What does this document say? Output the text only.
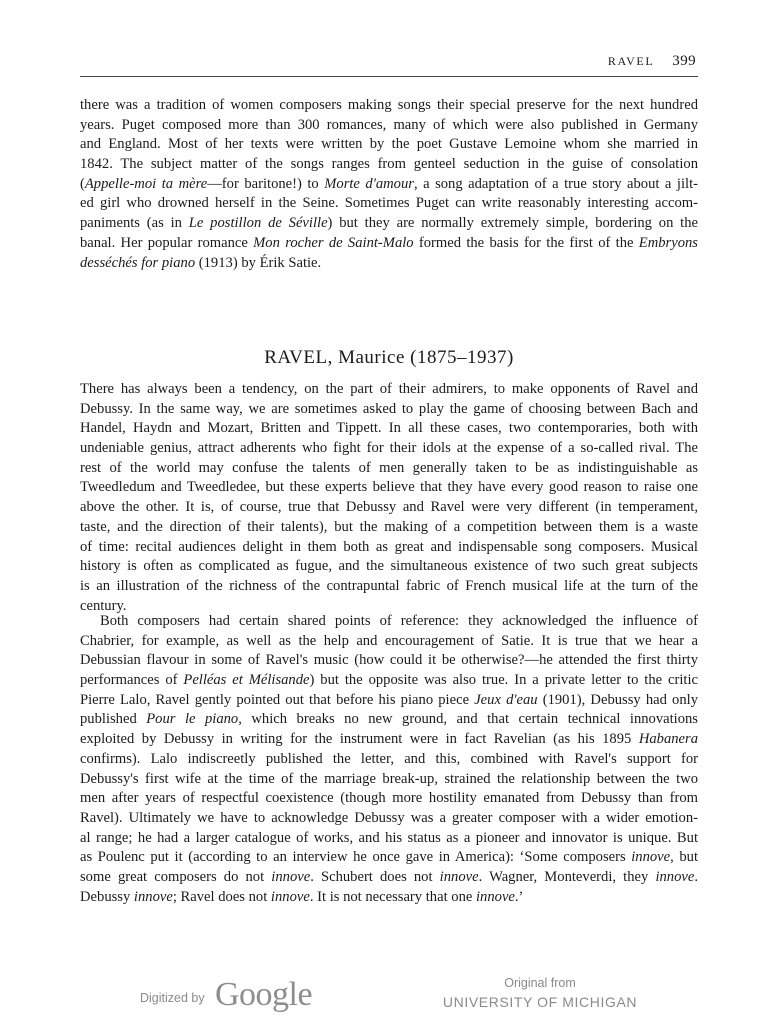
RAVEL 399
there was a tradition of women composers making songs their special preserve for the next hundred
years. Puget composed more than 300 romances, many of which were also published in Germany
and England. Most of her texts were written by the poet Gustave Lemoine whom she married in
1842. The subject matter of the songs ranges from genteel seduction in the guise of consolation
(Appelle-moi ta mère—for baritone!) to Morte d'amour, a song adaptation of a true story about a jilt-
ed girl who drowned herself in the Seine. Sometimes Puget can write reasonably interesting accom-
paniments (as in Le postillon de Séville) but they are normally extremely simple, bordering on the
banal. Her popular romance Mon rocher de Saint-Malo formed the basis for the first of the Embryons
desséchés for piano (1913) by Érik Satie.
RAVEL, Maurice (1875–1937)
There has always been a tendency, on the part of their admirers, to make opponents of Ravel and
Debussy. In the same way, we are sometimes asked to play the game of choosing between Bach and
Handel, Haydn and Mozart, Britten and Tippett. In all these cases, two contemporaries, both with
undeniable genius, attract adherents who fight for their idols at the expense of a so-called rival. The
rest of the world may confuse the talents of men generally taken to be as indistinguishable as
Tweedledum and Tweedledee, but these experts believe that they have every good reason to raise one
above the other. It is, of course, true that Debussy and Ravel were very different (in temperament,
taste, and the direction of their talents), but the making of a competition between them is a waste
of time: recital audiences delight in them both as great and indispensable song composers. Musical
history is often as complicated as fugue, and the simultaneous existence of two such great subjects
is an illustration of the richness of the contrapuntal fabric of French musical life at the turn of the
century.
Both composers had certain shared points of reference: they acknowledged the influence of
Chabrier, for example, as well as the help and encouragement of Satie. It is true that we hear a
Debussian flavour in some of Ravel's music (how could it be otherwise?—he attended the first thirty
performances of Pelléas et Mélisande) but the opposite was also true. In a private letter to the critic
Pierre Lalo, Ravel gently pointed out that before his piano piece Jeux d'eau (1901), Debussy had only
published Pour le piano, which breaks no new ground, and that certain technical innovations
exploited by Debussy in writing for the instrument were in fact Ravelian (as his 1895 Habanera
confirms). Lalo indiscreetly published the letter, and this, combined with Ravel's support for
Debussy's first wife at the time of the marriage break-up, strained the relationship between the two
men after years of respectful coexistence (though more hostility emanated from Debussy than from
Ravel). Ultimately we have to acknowledge Debussy was a greater composer with a wider emotion-
al range; he had a larger catalogue of works, and his status as a pioneer and innovator is unique. But
as Poulenc put it (according to an interview he once gave in America): ‘Some composers innove, but
some great composers do not innove. Schubert does not innove. Wagner, Monteverdi, they innove.
Debussy innove; Ravel does not innove. It is not necessary that one innove.’
Digitized by Google	Original from
UNIVERSITY OF MICHIGAN
